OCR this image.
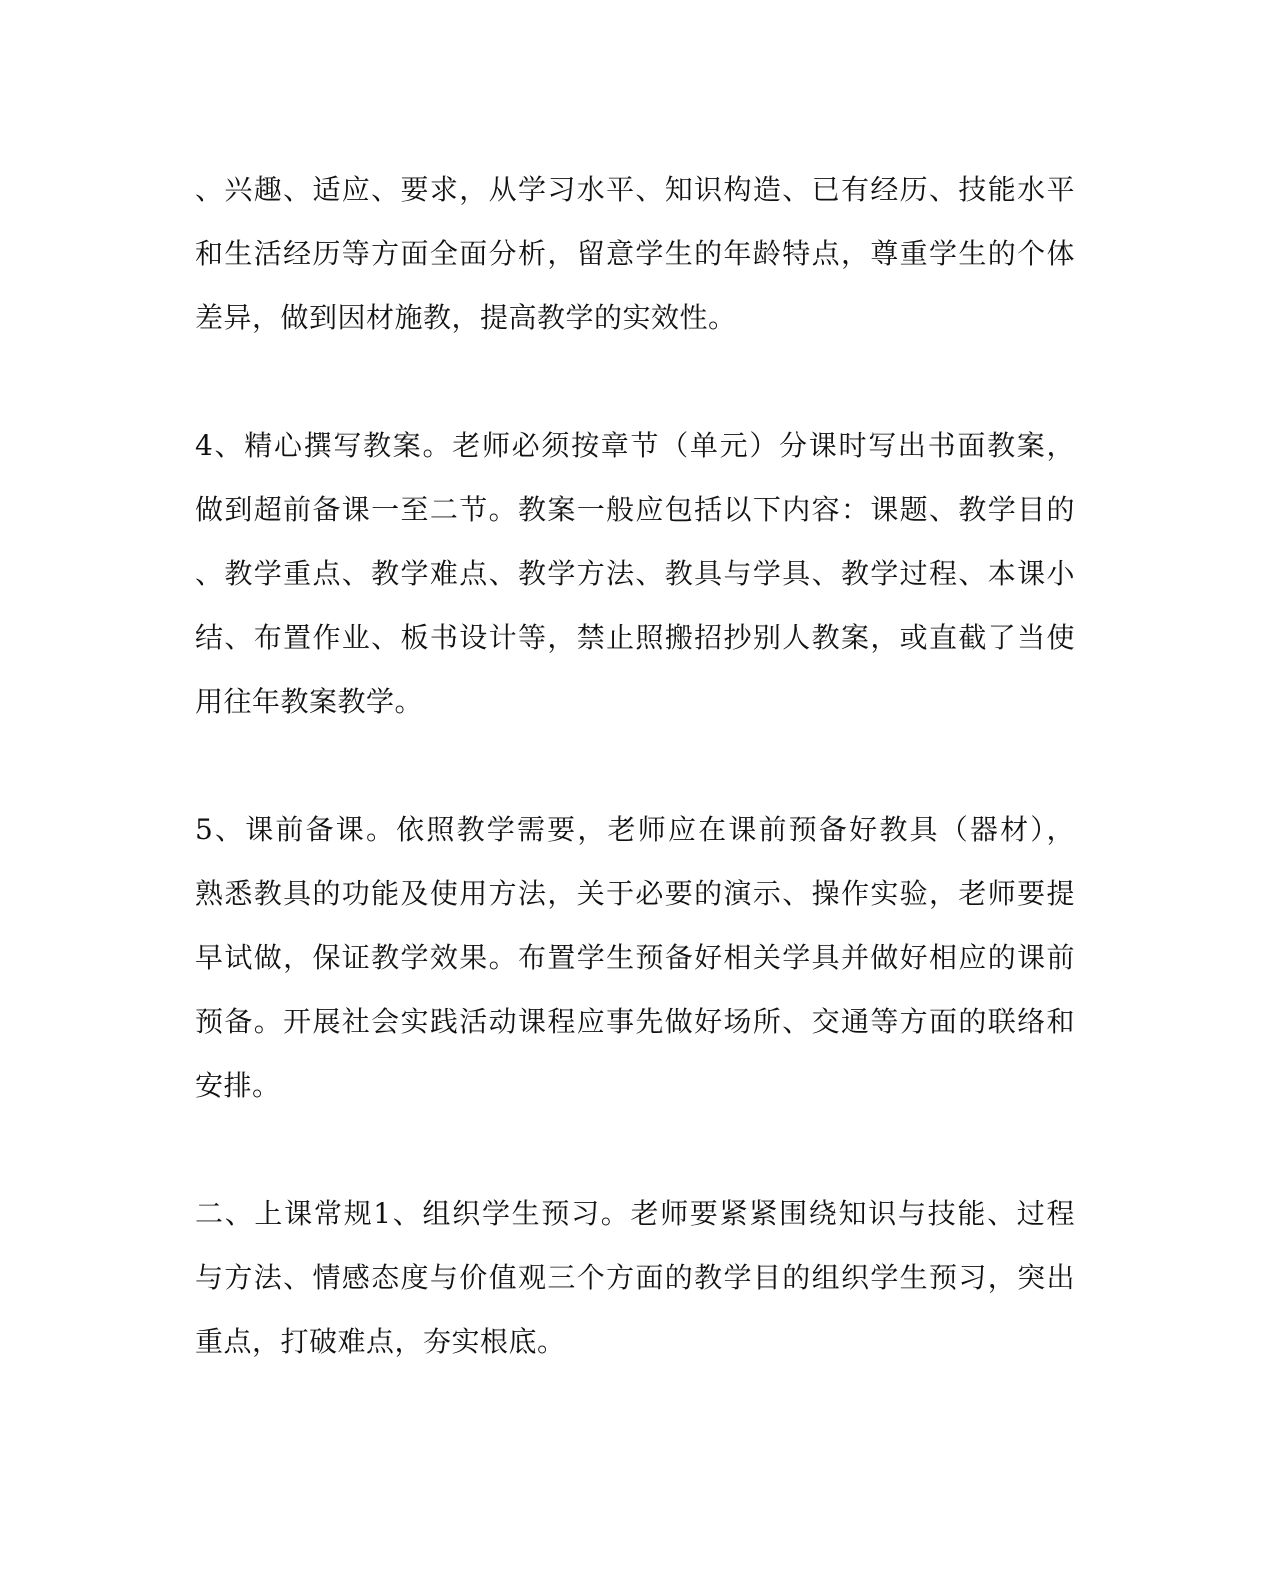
、兴趣、适应、要求，从学习水平、知识构造、已有经历、技能水平
和生活经历等方面全面分析，留意学生的年龄特点，尊重学生的个体
差异，做到因材施教，提高教学的实效性。
4、精心撰写教案。老师必须按章节（单元）分课时写出书面教案，
做到超前备课一至二节。教案一般应包括以下内容：课题、教学目的
、教学重点、教学难点、教学方法、教具与学具、教学过程、本课小
结、布置作业、板书设计等，禁止照搬招抄别人教案，或直截了当使
用往年教案教学。
5、课前备课。依照教学需要，老师应在课前预备好教具（器材），
熟悉教具的功能及使用方法，关于必要的演示、操作实验，老师要提
早试做，保证教学效果。布置学生预备好相关学具并做好相应的课前
预备。开展社会实践活动课程应事先做好场所、交通等方面的联络和
安排。
二、上课常规1、组织学生预习。老师要紧紧围绕知识与技能、过程
与方法、情感态度与价值观三个方面的教学目的组织学生预习，突出
重点，打破难点，夯实根底。
